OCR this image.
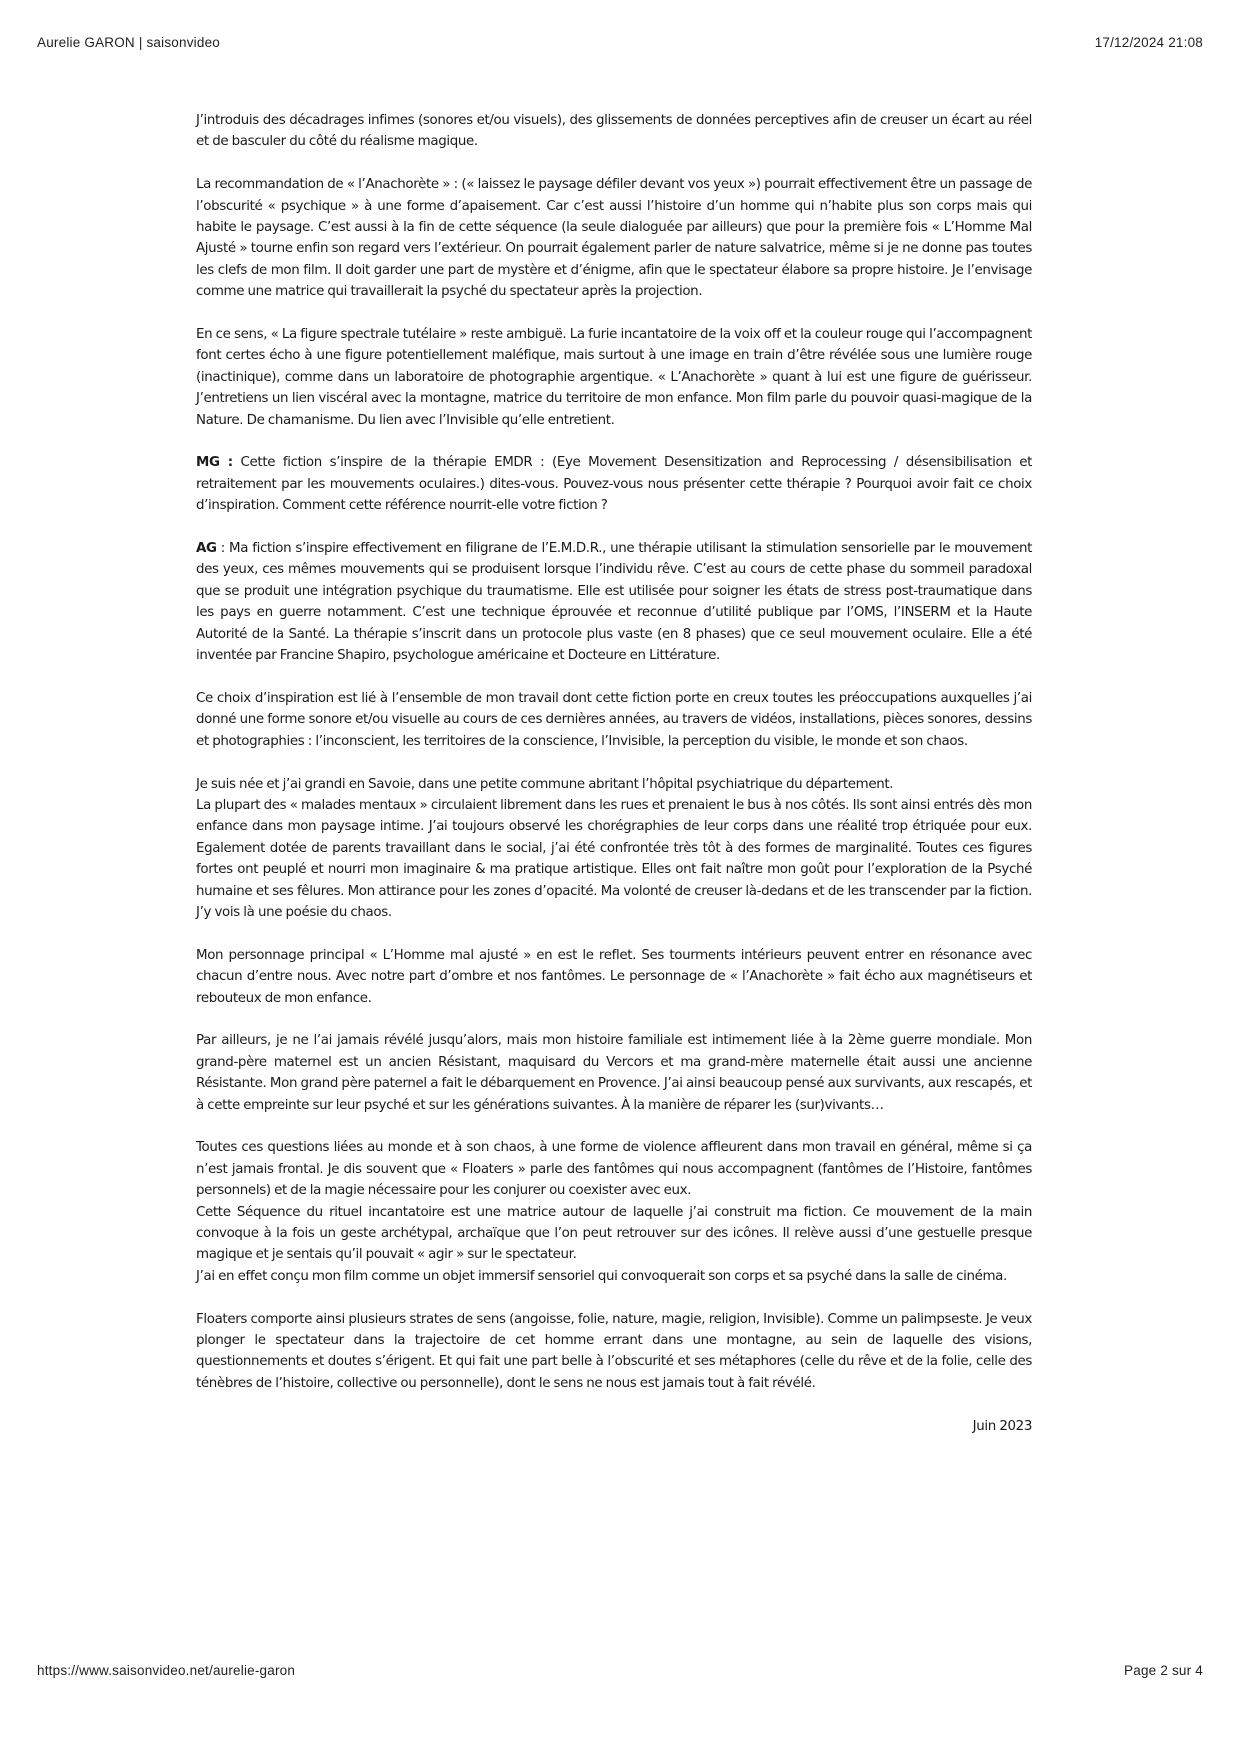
Aurelie GARON | saisonvideo	17/12/2024 21:08

J’introduis des décadrages infimes (sonores et/ou visuels), des glissements de données perceptives afin de creuser un écart au réel et de basculer du côté du réalisme magique.

La recommandation de « l’Anachorète » : (« laissez le paysage défiler devant vos yeux ») pourrait effectivement être un passage de l’obscurité « psychique » à une forme d’apaisement. Car c’est aussi l’histoire d’un homme qui n’habite plus son corps mais qui habite le paysage. C’est aussi à la fin de cette séquence (la seule dialoguée par ailleurs) que pour la première fois « L’Homme Mal Ajusté » tourne enfin son regard vers l’extérieur. On pourrait également parler de nature salvatrice, même si je ne donne pas toutes les clefs de mon film. Il doit garder une part de mystère et d’énigme, afin que le spectateur élabore sa propre histoire. Je l’envisage comme une matrice qui travaillerait la psyché du spectateur après la projection.

En ce sens, « La figure spectrale tutélaire » reste ambiguë. La furie incantatoire de la voix off et la couleur rouge qui l’accompagnent font certes écho à une figure potentiellement maléfique, mais surtout à une image en train d’être révélée sous une lumière rouge (inactinique), comme dans un laboratoire de photographie argentique. « L’Anachorète » quant à lui est une figure de guérisseur. J’entretiens un lien viscéral avec la montagne, matrice du territoire de mon enfance. Mon film parle du pouvoir quasi-magique de la Nature. De chamanisme. Du lien avec l’Invisible qu’elle entretient.

MG : Cette fiction s’inspire de la thérapie EMDR : (Eye Movement Desensitization and Reprocessing / désensibilisation et retraitement par les mouvements oculaires.) dites-vous. Pouvez-vous nous présenter cette thérapie ? Pourquoi avoir fait ce choix d’inspiration. Comment cette référence nourrit-elle votre fiction ?

AG : Ma fiction s’inspire effectivement en filigrane de l’E.M.D.R., une thérapie utilisant la stimulation sensorielle par le mouvement des yeux, ces mêmes mouvements qui se produisent lorsque l’individu rêve. C’est au cours de cette phase du sommeil paradoxal que se produit une intégration psychique du traumatisme. Elle est utilisée pour soigner les états de stress post-traumatique dans les pays en guerre notamment. C’est une technique éprouvée et reconnue d’utilité publique par l’OMS, l’INSERM et la Haute Autorité de la Santé. La thérapie s’inscrit dans un protocole plus vaste (en 8 phases) que ce seul mouvement oculaire. Elle a été inventée par Francine Shapiro, psychologue américaine et Docteure en Littérature.

Ce choix d’inspiration est lié à l’ensemble de mon travail dont cette fiction porte en creux toutes les préoccupations auxquelles j’ai donné une forme sonore et/ou visuelle au cours de ces dernières années, au travers de vidéos, installations, pièces sonores, dessins et photographies : l’inconscient, les territoires de la conscience, l’Invisible, la perception du visible, le monde et son chaos.

Je suis née et j’ai grandi en Savoie, dans une petite commune abritant l’hôpital psychiatrique du département.

La plupart des « malades mentaux » circulaient librement dans les rues et prenaient le bus à nos côtés. Ils sont ainsi entrés dès mon enfance dans mon paysage intime. J’ai toujours observé les chorégraphies de leur corps dans une réalité trop étriquée pour eux. Egalement dotée de parents travaillant dans le social, j’ai été confrontée très tôt à des formes de marginalité. Toutes ces figures fortes ont peuplé et nourri mon imaginaire & ma pratique artistique. Elles ont fait naître mon goût pour l’exploration de la Psyché humaine et ses fêlures. Mon attirance pour les zones d’opacité. Ma volonté de creuser là-dedans et de les transcender par la fiction. J’y vois là une poésie du chaos.

Mon personnage principal « L’Homme mal ajusté » en est le reflet. Ses tourments intérieurs peuvent entrer en résonance avec chacun d’entre nous. Avec notre part d’ombre et nos fantômes. Le personnage de « l’Anachorète » fait écho aux magnétiseurs et rebouteux de mon enfance.

Par ailleurs, je ne l’ai jamais révélé jusqu’alors, mais mon histoire familiale est intimement liée à la 2ème guerre mondiale. Mon grand-père maternel est un ancien Résistant, maquisard du Vercors et ma grand-mère maternelle était aussi une ancienne Résistante. Mon grand père paternel a fait le débarquement en Provence. J’ai ainsi beaucoup pensé aux survivants, aux rescapés, et à cette empreinte sur leur psyché et sur les générations suivantes. À la manière de réparer les (sur)vivants…

Toutes ces questions liées au monde et à son chaos, à une forme de violence affleurent dans mon travail en général, même si ça n’est jamais frontal. Je dis souvent que « Floaters » parle des fantômes qui nous accompagnent (fantômes de l’Histoire, fantômes personnels) et de la magie nécessaire pour les conjurer ou coexister avec eux.

Cette Séquence du rituel incantatoire est une matrice autour de laquelle j’ai construit ma fiction. Ce mouvement de la main convoque à la fois un geste archétypal, archaïque que l’on peut retrouver sur des icônes. Il relève aussi d’une gestuelle presque magique et je sentais qu’il pouvait « agir » sur le spectateur.

J’ai en effet conçu mon film comme un objet immersif sensoriel qui convoquerait son corps et sa psyché dans la salle de cinéma.

Floaters comporte ainsi plusieurs strates de sens (angoisse, folie, nature, magie, religion, Invisible). Comme un palimpseste. Je veux plonger le spectateur dans la trajectoire de cet homme errant dans une montagne, au sein de laquelle des visions, questionnements et doutes s’érigent. Et qui fait une part belle à l’obscurité et ses métaphores (celle du rêve et de la folie, celle des ténèbres de l’histoire, collective ou personnelle), dont le sens ne nous est jamais tout à fait révélé.

Juin 2023

https://www.saisonvideo.net/aurelie-garon	Page 2 sur 4
